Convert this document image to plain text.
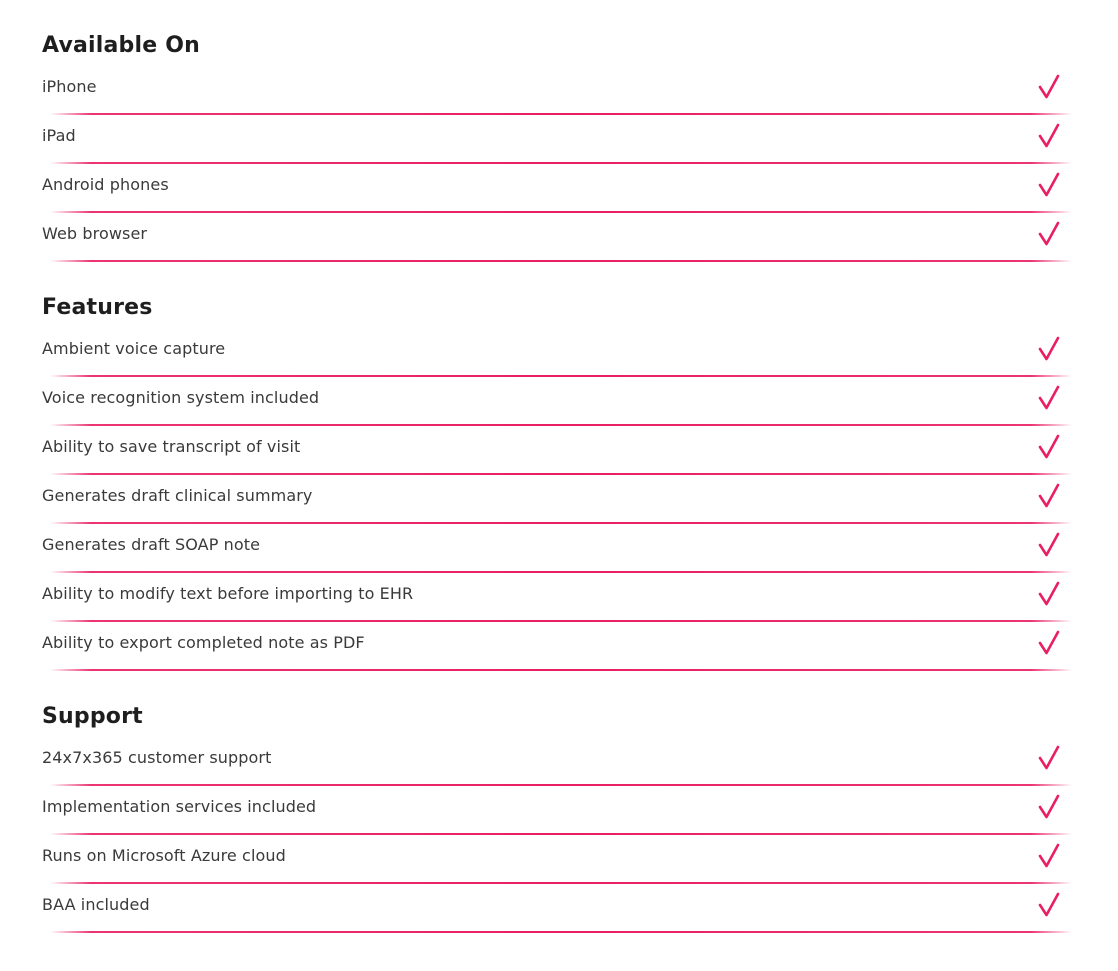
Available On
iPhone
iPad
Android phones
Web browser
Features
Ambient voice capture
Voice recognition system included
Ability to save transcript of visit
Generates draft clinical summary
Generates draft SOAP note
Ability to modify text before importing to EHR
Ability to export completed note as PDF
Support
24x7x365 customer support
Implementation services included
Runs on Microsoft Azure cloud
BAA included
